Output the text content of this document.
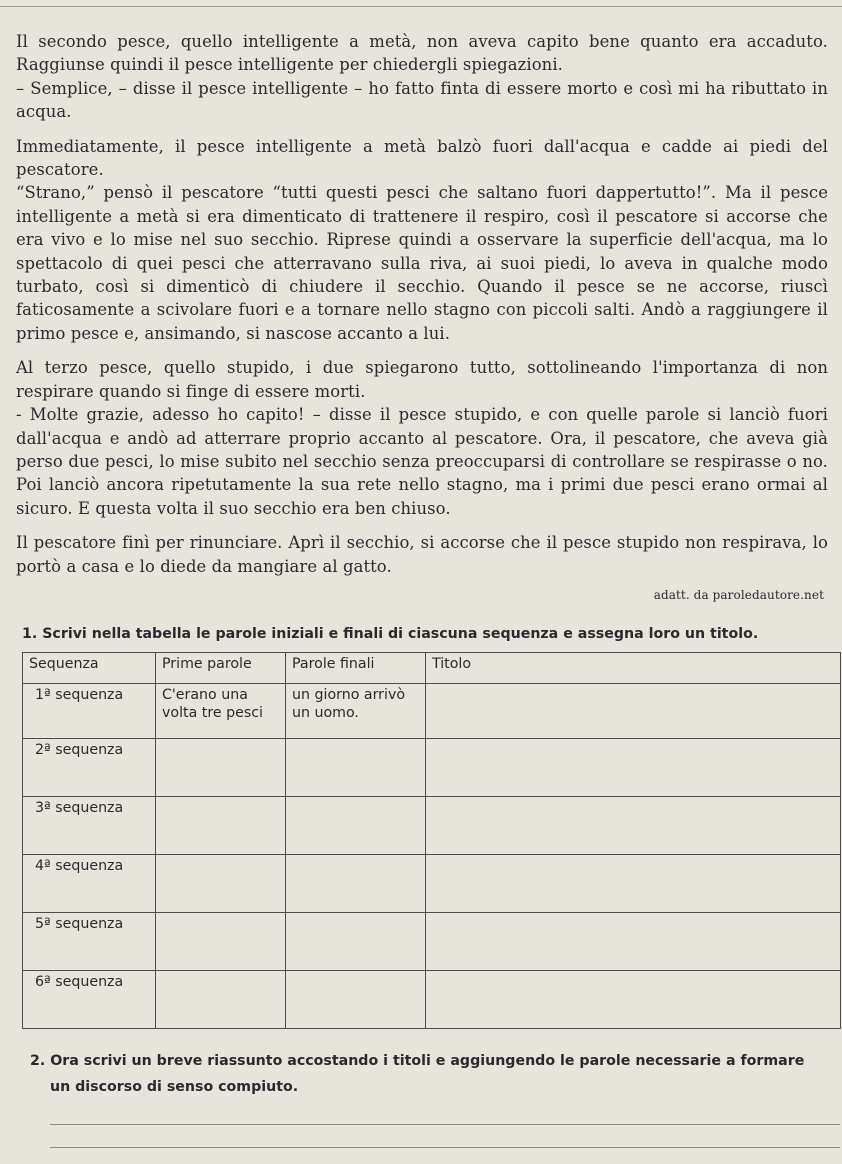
Il secondo pesce, quello intelligente a metà, non aveva capito bene quanto era accaduto. Raggiunse quindi il pesce intelligente per chiedergli spiegazioni.

– Semplice, – disse il pesce intelligente – ho fatto finta di essere morto e così mi ha ributtato in acqua.

Immediatamente, il pesce intelligente a metà balzò fuori dall'acqua e cadde ai piedi del pescatore.

“Strano,” pensò il pescatore “tutti questi pesci che saltano fuori dappertutto!”. Ma il pesce intelligente a metà si era dimenticato di trattenere il respiro, così il pescatore si accorse che era vivo e lo mise nel suo secchio. Riprese quindi a osservare la superficie dell'acqua, ma lo spettacolo di quei pesci che atterravano sulla riva, ai suoi piedi, lo aveva in qualche modo turbato, così si dimenticò di chiudere il secchio. Quando il pesce se ne accorse, riuscì faticosamente a scivolare fuori e a tornare nello stagno con piccoli salti. Andò a raggiungere il primo pesce e, ansimando, si nascose accanto a lui.

Al terzo pesce, quello stupido, i due spiegarono tutto, sottolineando l'importanza di non respirare quando si finge di essere morti.

- Molte grazie, adesso ho capito! – disse il pesce stupido, e con quelle parole si lanciò fuori dall'acqua e andò ad atterrare proprio accanto al pescatore. Ora, il pescatore, che aveva già perso due pesci, lo mise subito nel secchio senza preoccuparsi di controllare se respirasse o no. Poi lanciò ancora ripetutamente la sua rete nello stagno, ma i primi due pesci erano ormai al sicuro. E questa volta il suo secchio era ben chiuso.

Il pescatore finì per rinunciare. Aprì il secchio, si accorse che il pesce stupido non respirava, lo portò a casa e lo diede da mangiare al gatto.

adatt. da paroledautore.net
1. Scrivi nella tabella le parole iniziali e finali di ciascuna sequenza e assegna loro un titolo.
Sequenza	Prime parole	Parole finali	Titolo
1ª sequenza	C'erano una volta tre pesci	un giorno arrivò un uomo.	
2ª sequenza			
3ª sequenza			
4ª sequenza			
5ª sequenza			
6ª sequenza			
2. Ora scrivi un breve riassunto accostando i titoli e aggiungendo le parole necessarie a formare
un discorso di senso compiuto.
